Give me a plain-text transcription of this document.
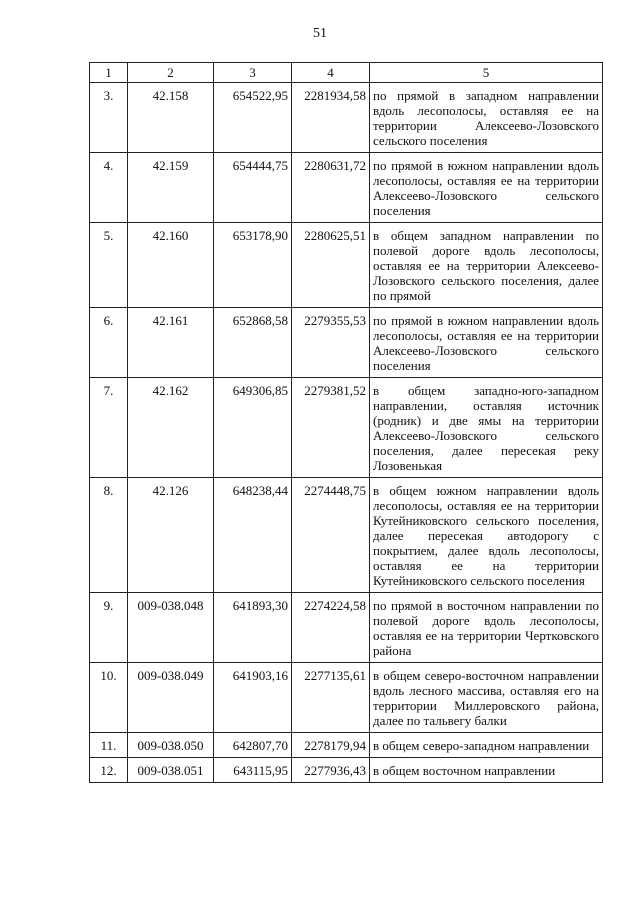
51
1	2	3	4	5
3.	42.158	654522,95	2281934,58	по прямой в западном направлении вдоль лесополосы, оставляя ее на территории Алексеево-Лозовского сельского поселения
4.	42.159	654444,75	2280631,72	по прямой в южном направлении вдоль лесополосы, оставляя ее на территории Алексеево-Лозовского сельского поселения
5.	42.160	653178,90	2280625,51	в общем западном направлении по полевой дороге вдоль лесополосы, оставляя ее на территории Алексеево-Лозовского сельского поселения, далее по прямой
6.	42.161	652868,58	2279355,53	по прямой в южном направлении вдоль лесополосы, оставляя ее на территории Алексеево-Лозовского сельского поселения
7.	42.162	649306,85	2279381,52	в общем западно-юго-западном направлении, оставляя источник (родник) и две ямы на территории Алексеево-Лозовского сельского поселения, далее пересекая реку Лозовенькая
8.	42.126	648238,44	2274448,75	в общем южном направлении вдоль лесополосы, оставляя ее на территории Кутейниковского сельского поселения, далее пересекая автодорогу с покрытием, далее вдоль лесополосы, оставляя ее на территории Кутейниковского сельского поселения
9.	009-038.048	641893,30	2274224,58	по прямой в восточном направлении по полевой дороге вдоль лесополосы, оставляя ее на территории Чертковского района
10.	009-038.049	641903,16	2277135,61	в общем северо-восточном направлении вдоль лесного массива, оставляя его на территории Миллеровского района, далее по тальвегу балки
11.	009-038.050	642807,70	2278179,94	в общем северо-западном направлении
12.	009-038.051	643115,95	2277936,43	в общем восточном направлении
